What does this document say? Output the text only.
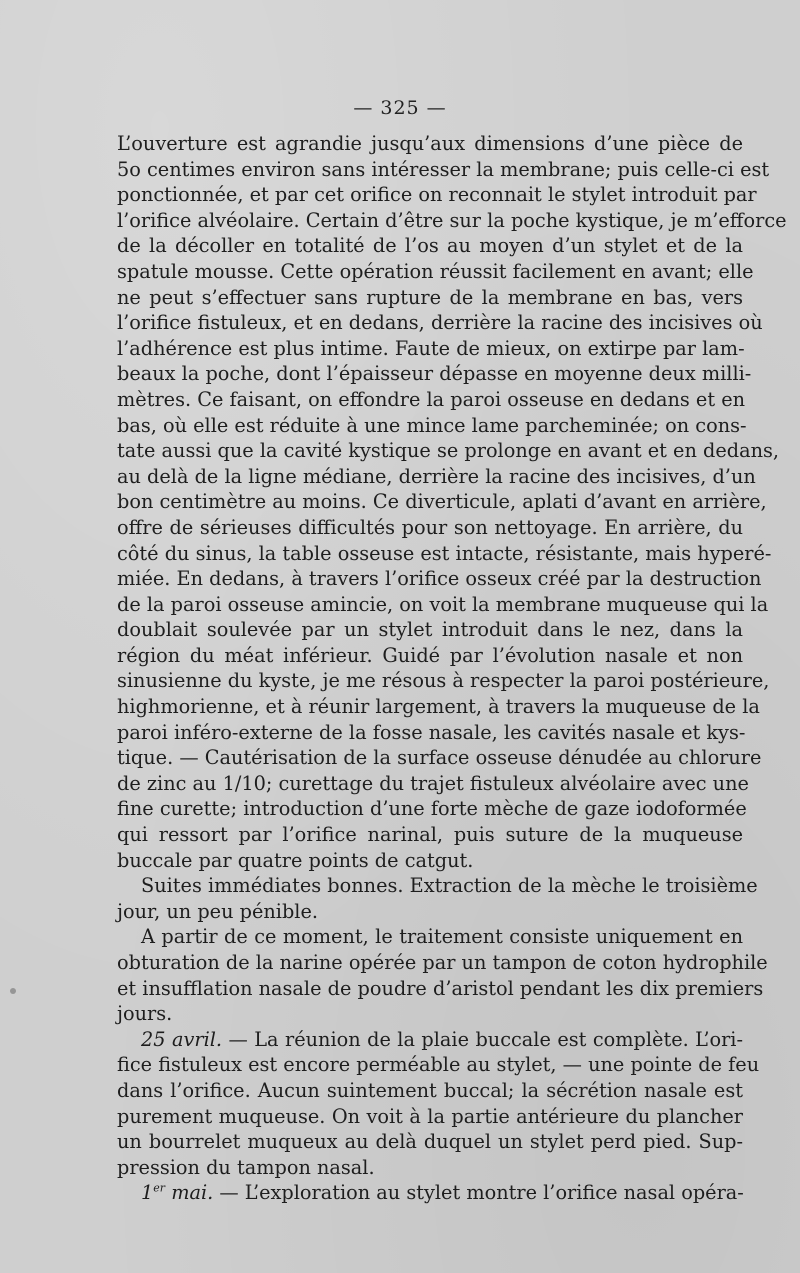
— 325 —
L’ouverture est agrandie jusqu’aux dimensions d’une pièce de
5o centimes environ sans intéresser la membrane; puis celle-ci est
ponctionnée, et par cet orifice on reconnait le stylet introduit par
l’orifice alvéolaire. Certain d’être sur la poche kystique, je m’efforce
de la décoller en totalité de l’os au moyen d’un stylet et de la
spatule mousse. Cette opération réussit facilement en avant; elle
ne peut s’effectuer sans rupture de la membrane en bas, vers
l’orifice fistuleux, et en dedans, derrière la racine des incisives où
l’adhérence est plus intime. Faute de mieux, on extirpe par lam-
beaux la poche, dont l’épaisseur dépasse en moyenne deux milli-
mètres. Ce faisant, on effondre la paroi osseuse en dedans et en
bas, où elle est réduite à une mince lame parcheminée; on cons-
tate aussi que la cavité kystique se prolonge en avant et en dedans,
au delà de la ligne médiane, derrière la racine des incisives, d’un
bon centimètre au moins. Ce diverticule, aplati d’avant en arrière,
offre de sérieuses difficultés pour son nettoyage. En arrière, du
côté du sinus, la table osseuse est intacte, résistante, mais hyperé-
miée. En dedans, à travers l’orifice osseux créé par la destruction
de la paroi osseuse amincie, on voit la membrane muqueuse qui la
doublait soulevée par un stylet introduit dans le nez, dans la
région du méat inférieur. Guidé par l’évolution nasale et non
sinusienne du kyste, je me résous à respecter la paroi postérieure,
highmorienne, et à réunir largement, à travers la muqueuse de la
paroi inféro-externe de la fosse nasale, les cavités nasale et kys-
tique. — Cautérisation de la surface osseuse dénudée au chlorure
de zinc au 1/10; curettage du trajet fistuleux alvéolaire avec une
fine curette; introduction d’une forte mèche de gaze iodoformée
qui ressort par l’orifice narinal, puis suture de la muqueuse
buccale par quatre points de catgut.
Suites immédiates bonnes. Extraction de la mèche le troisième
jour, un peu pénible.
A partir de ce moment, le traitement consiste uniquement en
obturation de la narine opérée par un tampon de coton hydrophile
et insufflation nasale de poudre d’aristol pendant les dix premiers
jours.
25 avril. — La réunion de la plaie buccale est complète. L’ori-
fice fistuleux est encore perméable au stylet, — une pointe de feu
dans l’orifice. Aucun suintement buccal; la sécrétion nasale est
purement muqueuse. On voit à la partie antérieure du plancher
un bourrelet muqueux au delà duquel un stylet perd pied. Sup-
pression du tampon nasal.
1er mai. — L’exploration au stylet montre l’orifice nasal opéra-
